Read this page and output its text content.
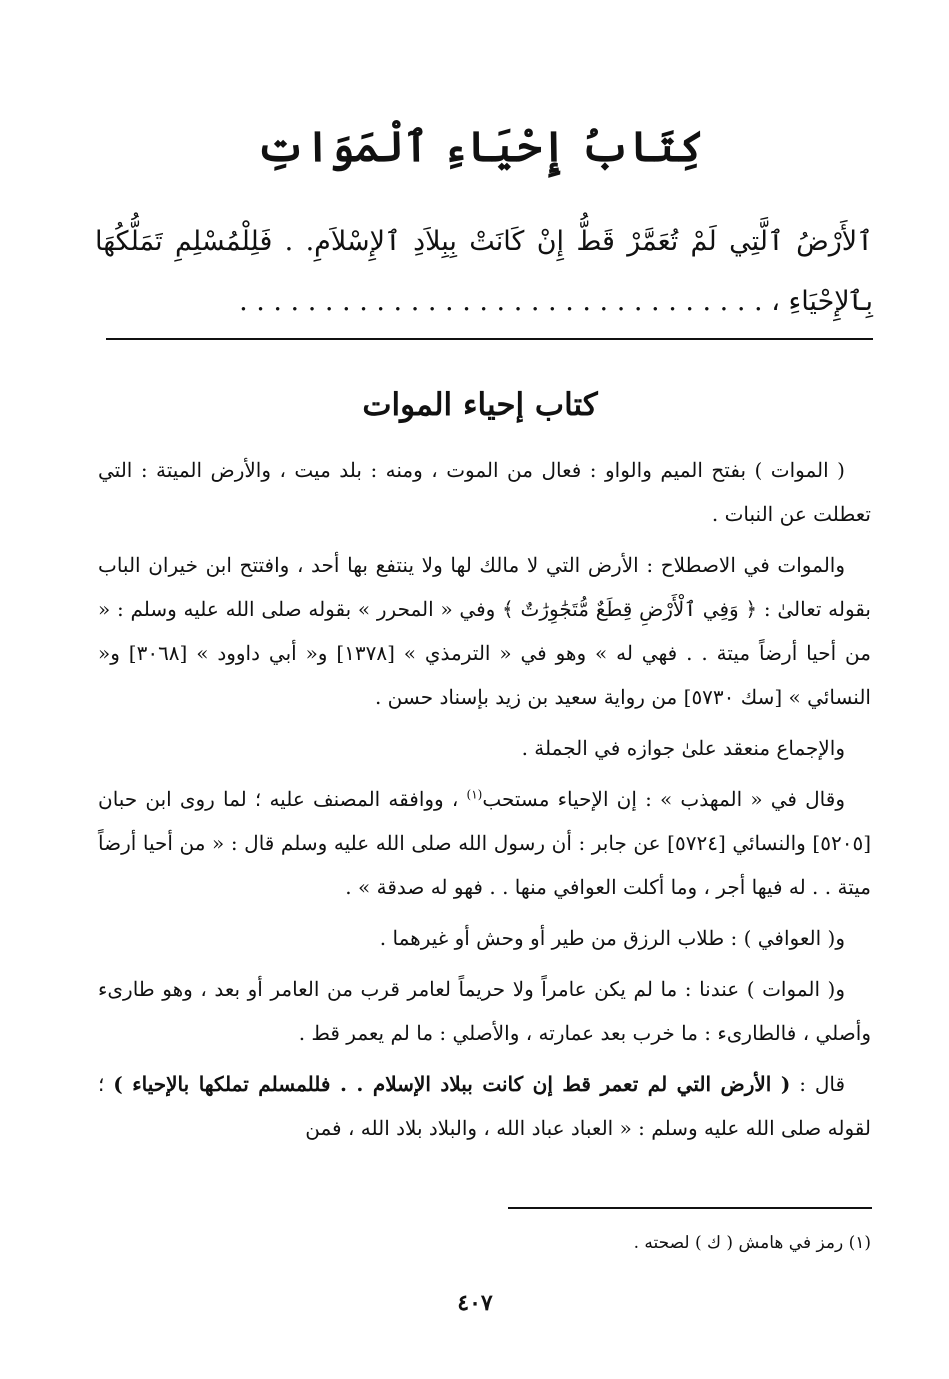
كِتَابُ إِحْيَاءِ ٱلْمَوَاتِ
ٱلأَرْضُ ٱلَّتِي لَمْ تُعَمَّرْ قَطُّ إِنْ كَانَتْ بِبِلاَدِ ٱلإِسْلاَمِ. . فَلِلْمُسْلِمِ تَمَلُّكُهَا بِٱلإِحْيَاءِ ، . . . . . . . . . . . . . . . . . . . . . . . . . . . . . . .
كتاب إحياء الموات

( الموات ) بفتح الميم والواو : فعال من الموت ، ومنه : بلد ميت ، والأرض الميتة : التي تعطلت عن النبات .

والموات في الاصطلاح : الأرض التي لا مالك لها ولا ينتفع بها أحد ، وافتتح ابن خيران الباب بقوله تعالىٰ : ﴿ وَفِي ٱلْأَرْضِ قِطَعٌ مُّتَجَٰوِرَٰتٌ ﴾ وفي « المحرر » بقوله صلى الله عليه وسلم : « من أحيا أرضاً ميتة . . فهي له » وهو في « الترمذي » [١٣٧٨] و« أبي داوود » [٣٠٦٨] و« النسائي » [سك ٥٧٣٠] من رواية سعيد بن زيد بإسناد حسن .

والإجماع منعقد علىٰ جوازه في الجملة .

وقال في « المهذب » : إن الإحياء مستحب$^{(١)}$ ، ووافقه المصنف عليه ؛ لما روى ابن حبان [٥٢٠٥] والنسائي [٥٧٢٤] عن جابر : أن رسول الله صلى الله عليه وسلم قال : « من أحيا أرضاً ميتة . . له فيها أجر ، وما أكلت العوافي منها . . فهو له صدقة » .

و( العوافي ) : طلاب الرزق من طير أو وحش أو غيرهما .

و( الموات ) عندنا : ما لم يكن عامراً ولا حريماً لعامر قرب من العامر أو بعد ، وهو طارىء وأصلي ، فالطارىء : ما خرب بعد عمارته ، والأصلي : ما لم يعمر قط .

قال : ( الأرض التي لم تعمر قط إن كانت ببلاد الإسلام . . فللمسلم تملكها بالإحياء ) ؛ لقوله صلى الله عليه وسلم : « العباد عباد الله ، والبلاد بلاد الله ، فمن

(١) رمز في هامش ( ك ) لصحته .
٤٠٧
